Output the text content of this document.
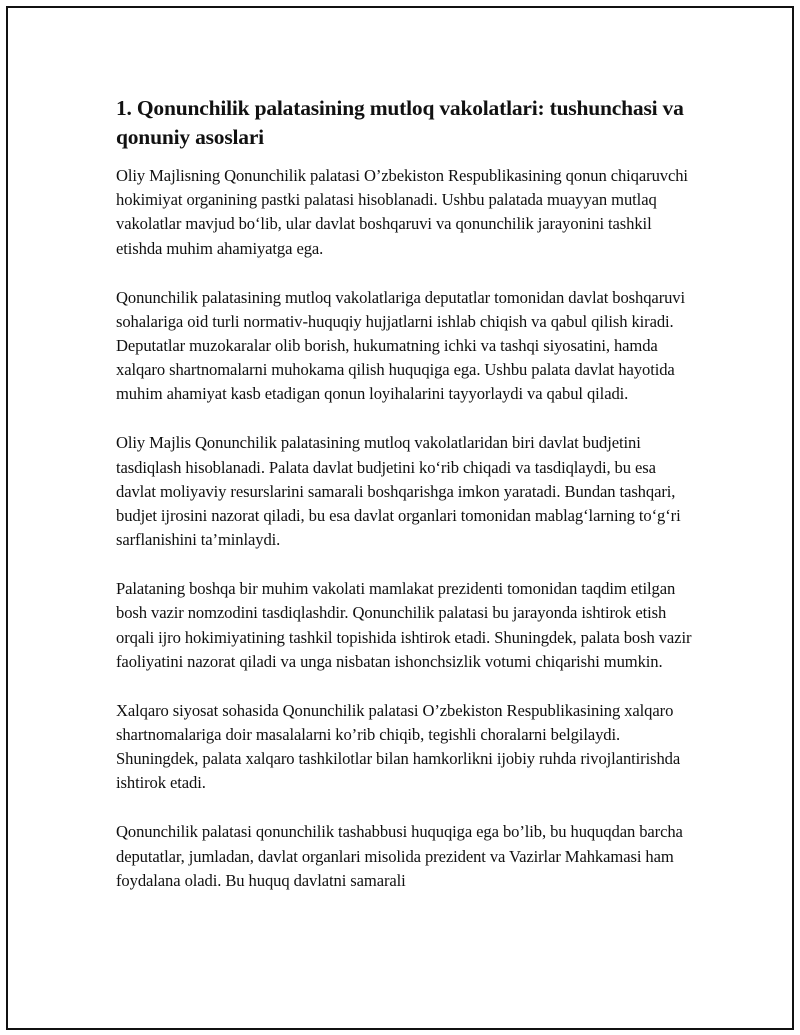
1. Qonunchilik palatasining mutloq vakolatlari: tushunchasi va qonuniy asoslari

Oliy Majlisning Qonunchilik palatasi O’zbekiston Respublikasining qonun chiqaruvchi hokimiyat organining pastki palatasi hisoblanadi. Ushbu palatada muayyan mutlaq vakolatlar mavjud bo‘lib, ular davlat boshqaruvi va qonunchilik jarayonini tashkil etishda muhim ahamiyatga ega.

Qonunchilik palatasining mutloq vakolatlariga deputatlar tomonidan davlat boshqaruvi sohalariga oid turli normativ-huquqiy hujjatlarni ishlab chiqish va qabul qilish kiradi. Deputatlar muzokaralar olib borish, hukumatning ichki va tashqi siyosatini, hamda xalqaro shartnomalarni muhokama qilish huquqiga ega. Ushbu palata davlat hayotida muhim ahamiyat kasb etadigan qonun loyihalarini tayyorlaydi va qabul qiladi.

Oliy Majlis Qonunchilik palatasining mutloq vakolatlaridan biri davlat budjetini tasdiqlash hisoblanadi. Palata davlat budjetini ko‘rib chiqadi va tasdiqlaydi, bu esa davlat moliyaviy resurslarini samarali boshqarishga imkon yaratadi. Bundan tashqari, budjet ijrosini nazorat qiladi, bu esa davlat organlari tomonidan mablag‘larning to‘g‘ri sarflanishini ta’minlaydi.

Palataning boshqa bir muhim vakolati mamlakat prezidenti tomonidan taqdim etilgan bosh vazir nomzodini tasdiqlashdir. Qonunchilik palatasi bu jarayonda ishtirok etish orqali ijro hokimiyatining tashkil topishida ishtirok etadi. Shuningdek, palata bosh vazir faoliyatini nazorat qiladi va unga nisbatan ishonchsizlik votumi chiqarishi mumkin.

Xalqaro siyosat sohasida Qonunchilik palatasi O’zbekiston Respublikasining xalqaro shartnomalariga doir masalalarni ko’rib chiqib, tegishli choralarni belgilaydi. Shuningdek, palata xalqaro tashkilotlar bilan hamkorlikni ijobiy ruhda rivojlantirishda ishtirok etadi.

Qonunchilik palatasi qonunchilik tashabbusi huquqiga ega bo’lib, bu huquqdan barcha deputatlar, jumladan, davlat organlari misolida prezident va Vazirlar Mahkamasi ham foydalana oladi. Bu huquq davlatni samarali
